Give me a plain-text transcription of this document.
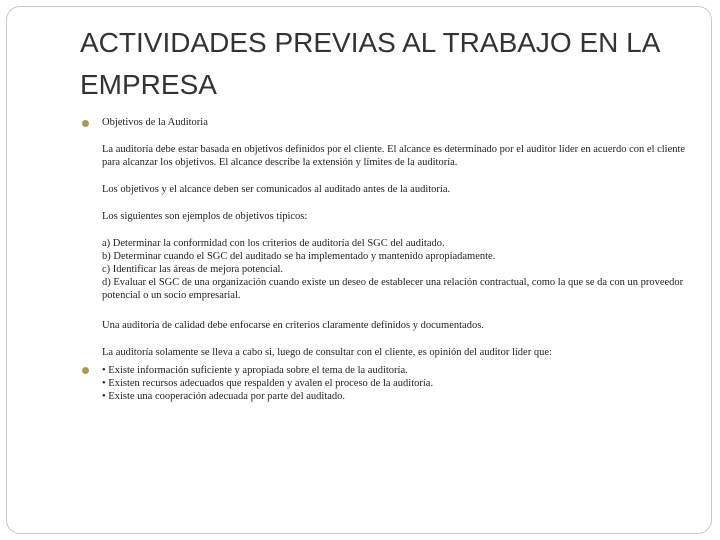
ACTIVIDADES PREVIAS AL TRABAJO EN LA EMPRESA
Objetivos de la Auditoria
La auditoría debe estar basada en objetivos definidos por el cliente. El alcance es determinado por el auditor líder en acuerdo con el cliente para alcanzar los objetivos. El alcance describe la extensión y límites de la auditoría.
Los objetivos y el alcance deben ser comunicados al auditado antes de la auditoría.
Los siguientes son ejemplos de objetivos típicos:

a) Determinar la conformidad con los criterios de auditoría del SGC del auditado.

b) Determinar cuando el SGC del auditado se ha implementado y mantenido apropiadamente.

c) Identificar las áreas de mejora potencial.

d) Evaluar el SGC de una organización cuando existe un deseo de establecer una relación contractual, como la que se da con un proveedor potencial o un socio empresarial.

Una auditoría de calidad debe enfocarse en criterios claramente definidos y documentados.
La auditoría solamente se lleva a cabo si, luego de consultar con el cliente, es opinión del auditor líder que:

• Existe información suficiente y apropiada sobre el tema de la auditoría.

• Existen recursos adecuados que respalden y avalen el proceso de la auditoría.

• Existe una cooperación adecuada por parte del auditado.
